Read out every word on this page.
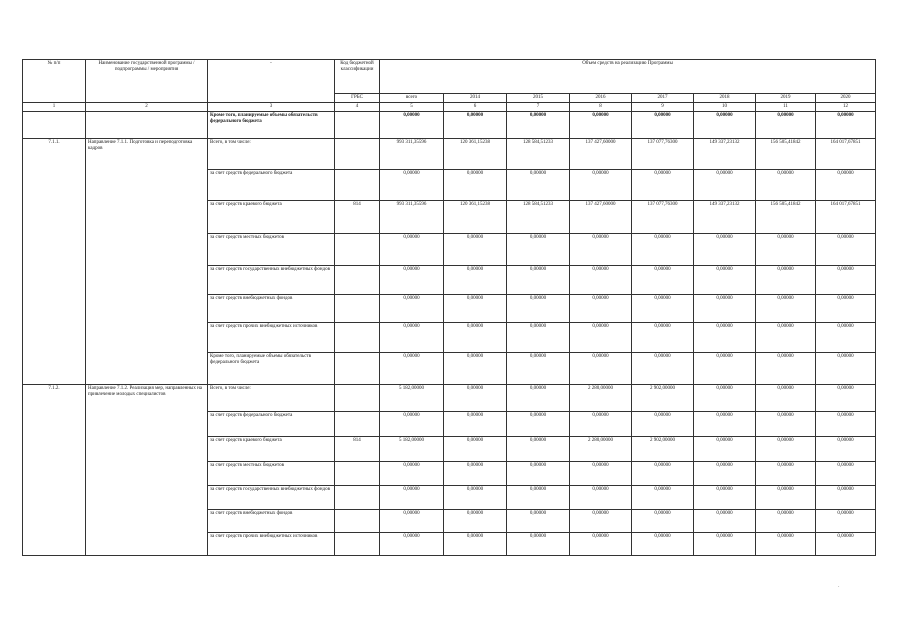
№ п/п	Наименование государственной программы / подпрограммы / мероприятия	-	Код бюджетной классификации	Объем средств на реализацию Программы							
			ГРБС	всего	2014	2015	2016	2017	2018	2019	2020
1	2	3	4	5	6	7	8	9	10	11	12
		Кроме того, планируемые объемы обязательств федерального бюджета		0,00000	0,00000	0,00000	0,00000	0,00000	0,00000	0,00000	0,00000
7.1.1.	Направление 7.1.1. Подготовка и переподготовка кадров	Всего, в том числе:		993 311,35596	120 361,15238	128 584,51233	137 427,60000	137 077,76300	149 337,23132	156 505,41842	164 017,67851
		за счет средств федерального бюджета		0,00000	0,00000	0,00000	0,00000	0,00000	0,00000	0,00000	0,00000
		за счет средств краевого бюджета	814	993 311,35596	120 361,15238	128 584,51233	137 427,60000	137 077,76300	149 337,23132	156 505,41842	164 017,67851
		за счет средств местных бюджетов		0,00000	0,00000	0,00000	0,00000	0,00000	0,00000	0,00000	0,00000
		за счет средств государственных внебюджетных фондов		0,00000	0,00000	0,00000	0,00000	0,00000	0,00000	0,00000	0,00000
		за счет средств внебюджетных фондов		0,00000	0,00000	0,00000	0,00000	0,00000	0,00000	0,00000	0,00000
		за счет средств прочих внебюджетных источников		0,00000	0,00000	0,00000	0,00000	0,00000	0,00000	0,00000	0,00000
		Кроме того, планируемые объемы обязательств федерального бюджета		0,00000	0,00000	0,00000	0,00000	0,00000	0,00000	0,00000	0,00000
7.1.2.	Направление 7.1.2. Реализация мер, направленных на привлечение молодых специалистов	Всего, в том числе:		5 182,00000	0,00000	0,00000	2 280,00000	2 902,00000	0,00000	0,00000	0,00000
		за счет средств федерального бюджета		0,00000	0,00000	0,00000	0,00000	0,00000	0,00000	0,00000	0,00000
		за счет средств краевого бюджета	814	5 182,00000	0,00000	0,00000	2 280,00000	2 902,00000	0,00000	0,00000	0,00000
		за счет средств местных бюджетов		0,00000	0,00000	0,00000	0,00000	0,00000	0,00000	0,00000	0,00000
		за счет средств государственных внебюджетных фондов		0,00000	0,00000	0,00000	0,00000	0,00000	0,00000	0,00000	0,00000
		за счет средств внебюджетных фондов		0,00000	0,00000	0,00000	0,00000	0,00000	0,00000	0,00000	0,00000
		за счет средств прочих внебюджетных источников		0,00000	0,00000	0,00000	0,00000	0,00000	0,00000	0,00000	0,00000
.
